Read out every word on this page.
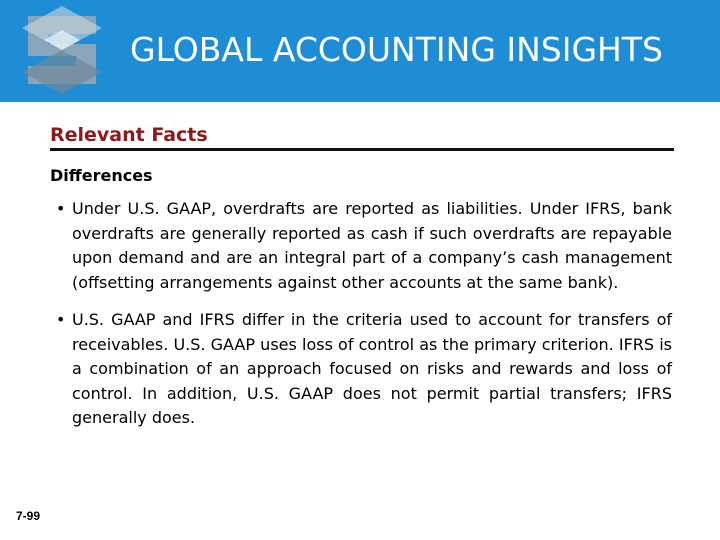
GLOBAL ACCOUNTING INSIGHTS
Relevant Facts
Differences
• Under U.S. GAAP, overdrafts are reported as liabilities. Under IFRS, bank overdrafts are generally reported as cash if such overdrafts are repayable upon demand and are an integral part of a company’s cash management (offsetting arrangements against other accounts at the same bank).
• U.S. GAAP and IFRS differ in the criteria used to account for transfers of receivables. U.S. GAAP uses loss of control as the primary criterion. IFRS is a combination of an approach focused on risks and rewards and loss of control. In addition, U.S. GAAP does not permit partial transfers; IFRS generally does.

7-99
